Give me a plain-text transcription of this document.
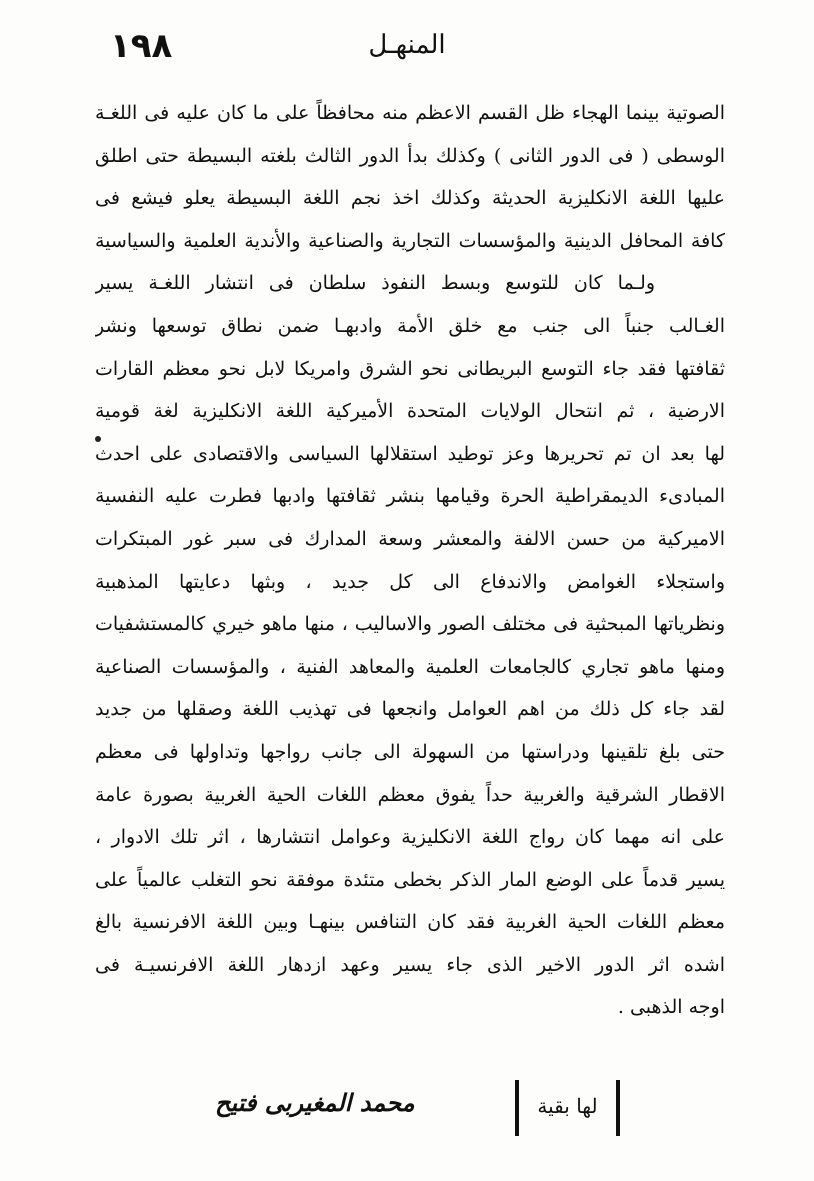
١٩٨	المنهـل
الصوتية بينما الهجاء ظل القسم الاعظم منه محافظاً على ما كان عليه فى اللغـة
الوسطى ( فى الدور الثانى ) وكذلك بدأ الدور الثالث بلغته البسيطة حتى اطلق
عليها اللغة الانكليزية الحديثة وكذلك اخذ نجم اللغة البسيطة يعلو فيشع فى
كافة المحافل الدينية والمؤسسات التجارية والصناعية والأندية العلمية والسياسية
ولـما كان للتوسع وبسط النفوذ سلطان فى انتشار اللغـة يسير
الغـالب جنباً الى جنب مع خلق الأمة وادبهـا ضمن نطاق توسعها ونشر
ثقافتها فقد جاء التوسع البريطانى نحو الشرق وامريكا لابل نحو معظم القارات
الارضية ، ثم انتحال الولايات المتحدة الأميركية اللغة الانكليزية لغة قومية
لها بعد ان تم تحريرها وعز توطيد استقلالها السياسى والاقتصادى على احدث
المبادىء الديمقراطية الحرة وقيامها بنشر ثقافتها وادبها فطرت عليه النفسية
الاميركية من حسن الالفة والمعشر وسعة المدارك فى سبر غور المبتكرات
واستجلاء الغوامض والاندفاع الى كل جديد ، وبثها دعايتها المذهبية
ونظرياتها المبحثية فى مختلف الصور والاساليب ، منها ماهو خيري كالمستشفيات
ومنها ماهو تجاري كالجامعات العلمية والمعاهد الفنية ، والمؤسسات الصناعية
لقد جاء كل ذلك من اهم العوامل وانجعها فى تهذيب اللغة وصقلها من جديد
حتى بلغ تلقينها ودراستها من السهولة الى جانب رواجها وتداولها فى معظم
الاقطار الشرقية والغربية حداً يفوق معظم اللغات الحية الغربية بصورة عامة
على انه مهما كان رواج اللغة الانكليزية وعوامل انتشارها ، اثر تلك الادوار ،
يسير قدماً على الوضع المار الذكر بخطى متئدة موفقة نحو التغلب عالمياً على
معظم اللغات الحية الغربية فقد كان التنافس بينهـا وبين اللغة الافرنسية بالغ
اشده اثر الدور الاخير الذى جاء يسير وعهد ازدهار اللغة الافرنسيـة فى
اوجه الذهبى .
لها بقية
محمد المغيربى فتيح
